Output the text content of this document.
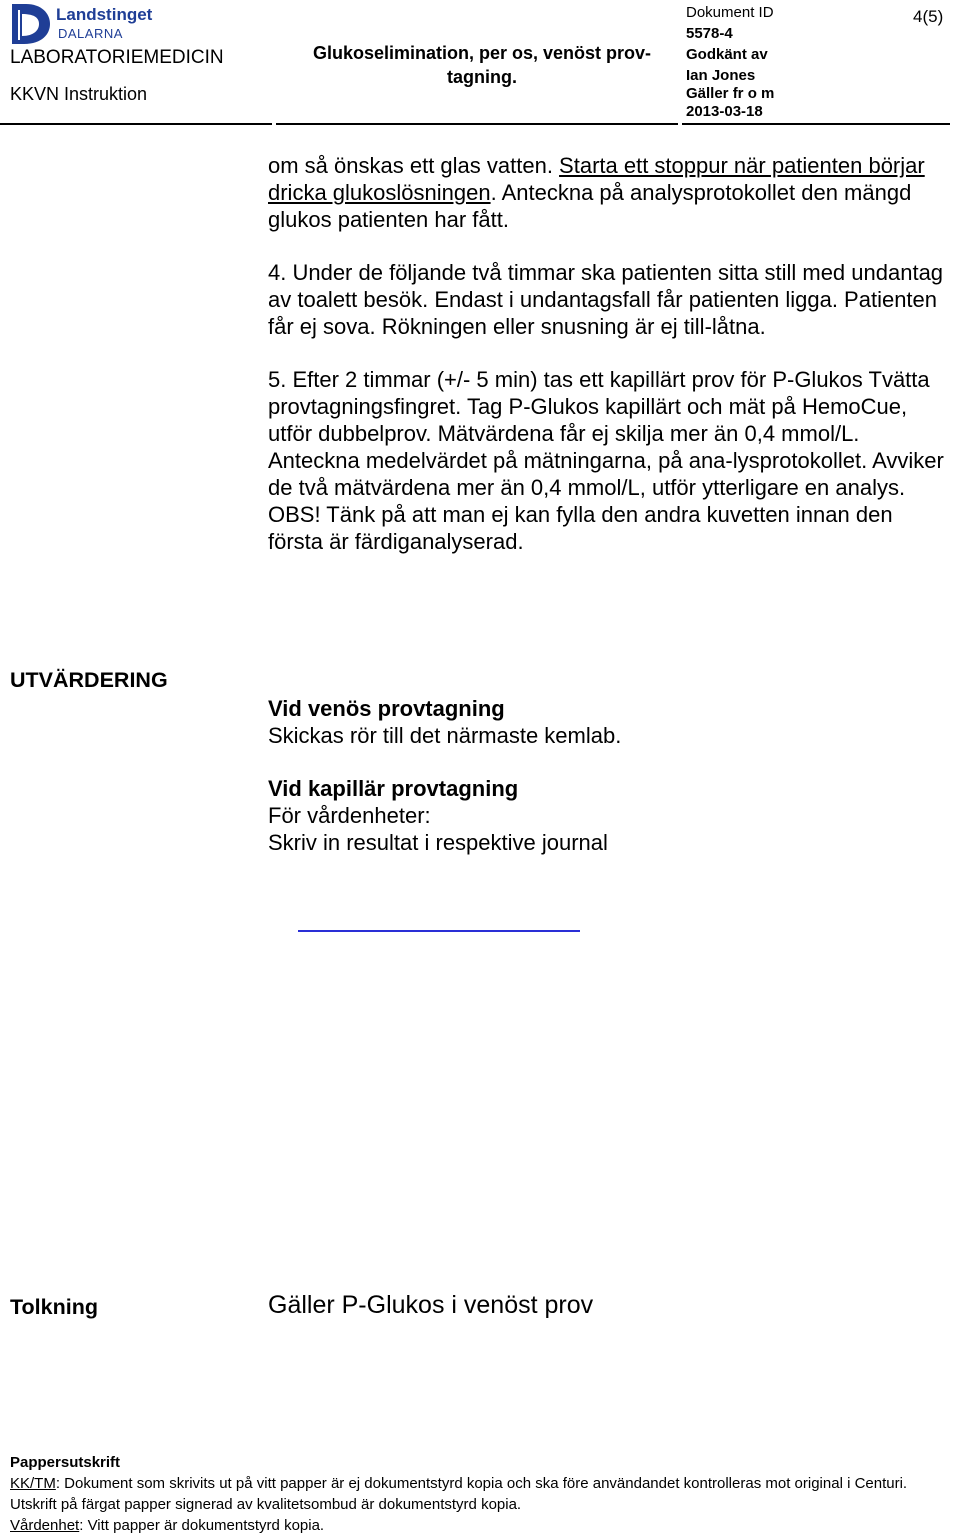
Landstinget
DALARNA
LABORATORIEMEDICIN
KKVN Instruktion
Glukoselimination, per os, venöst prov-tagning.
Dokument ID
5578-4
Godkänt av
Ian Jones
Gäller fr o m
2013-03-18
4(5)

om så önskas ett glas vatten. Starta ett stoppur när patienten börjar dricka glukoslösningen. Anteckna på analysprotokollet den mängd glukos patienten har fått.

4. Under de följande två timmar ska patienten sitta still med undantag av toalett besök. Endast i undantagsfall får patienten ligga. Patienten får ej sova. Rökningen eller snusning är ej till-låtna.

5. Efter 2 timmar (+/- 5 min) tas ett kapillärt prov för P-Glukos Tvätta provtagningsfingret. Tag P-Glukos kapillärt och mät på HemoCue, utför dubbelprov. Mätvärdena får ej skilja mer än 0,4 mmol/L. Anteckna medelvärdet på mätningarna, på ana-lysprotokollet. Avviker de två mätvärdena mer än 0,4 mmol/L, utför ytterligare en analys. OBS! Tänk på att man ej kan fylla den andra kuvetten innan den första är färdiganalyserad.

UTVÄRDERING

Vid venös provtagning

Skickas rör till det närmaste kemlab.

Vid kapillär provtagning

För vårdenheter:

Skriv in resultat i respektive journal

Tolkning	Gäller P-Glukos i venöst prov
Pappersutskrift
KK/TM: Dokument som skrivits ut på vitt papper är ej dokumentstyrd kopia och ska före användandet kontrolleras mot original i Centuri.
Utskrift på färgat papper signerad av kvalitetsombud är dokumentstyrd kopia.
Vårdenhet: Vitt papper är dokumentstyrd kopia.
